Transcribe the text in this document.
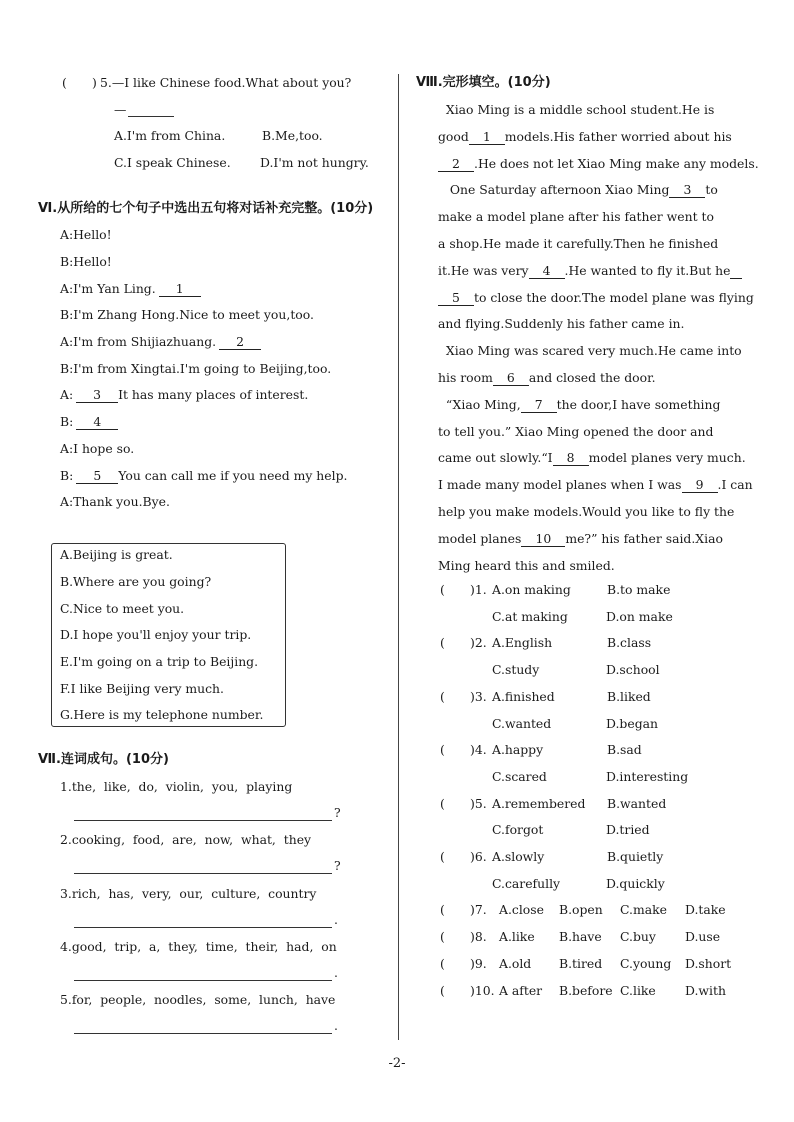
( ) 5.—I like Chinese food.What about you?
—
A.I'm from China.	B.Me,too.
C.I speak Chinese. D.I'm not hungry.
Ⅵ.从所给的七个句子中选出五句将对话补充完整。(10分)
A:Hello!
B:Hello!
A:I'm Yan Ling. 1
B:I'm Zhang Hong.Nice to meet you,too.
A:I'm from Shijiazhuang. 2
B:I'm from Xingtai.I'm going to Beijing,too.
A: 3 It has many places of interest.
B: 4
A:I hope so.
B: 5 You can call me if you need my help.
A:Thank you.Bye.
A.Beijing is great.
B.Where are you going?
C.Nice to meet you.
D.I hope you'll enjoy your trip.
E.I'm going on a trip to Beijing.
F.I like Beijing very much.
G.Here is my telephone number.
Ⅶ.连词成句。(10分)
1.the,  like,  do,  violin,  you,  playing
?
2.cooking,  food,  are,  now,  what,  they
?
3.rich,  has,  very,  our,  culture,  country
.
4.good,  trip,  a,  they,  time,  their,  had,  on
.
5.for,  people,  noodles,  some,  lunch,  have
.
Ⅷ.完形填空。(10分)
Xiao Ming is a middle school student.He is
good 1 models.His father worried about his
2 .He does not let Xiao Ming make any models.
One Saturday afternoon Xiao Ming 3 to
make a model plane after his father went to
a shop.He made it carefully.Then he finished
it.He was very 4 .He wanted to fly it.But he
5 to close the door.The model plane was flying
and flying.Suddenly his father came in.
Xiao Ming was scared very much.He came into
his room 6 and closed the door.
“Xiao Ming, 7 the door,I have something
to tell you.” Xiao Ming opened the door and
came out slowly.“I 8 model planes very much.
I made many model planes when I was 9 .I can
help you make models.Would you like to fly the
model planes 10 me?” his father said.Xiao
Ming heard this and smiled.
( )1. A.on making	B.to make
C.at making	D.on make
( )2. A.English	B.class
C.study	D.school
( )3. A.finished	B.liked
C.wanted	D.began
( )4. A.happy	B.sad
C.scared	D.interesting
( )5. A.remembered B.wanted
C.forgot	D.tried
( )6. A.slowly	B.quietly
C.carefully	D.quickly
( )7. A.close B.open C.make D.take
( )8. A.like B.have C.buy D.use
( )9. A.old B.tired C.young D.short
( )10. A after B.before C.like D.with
-2-
